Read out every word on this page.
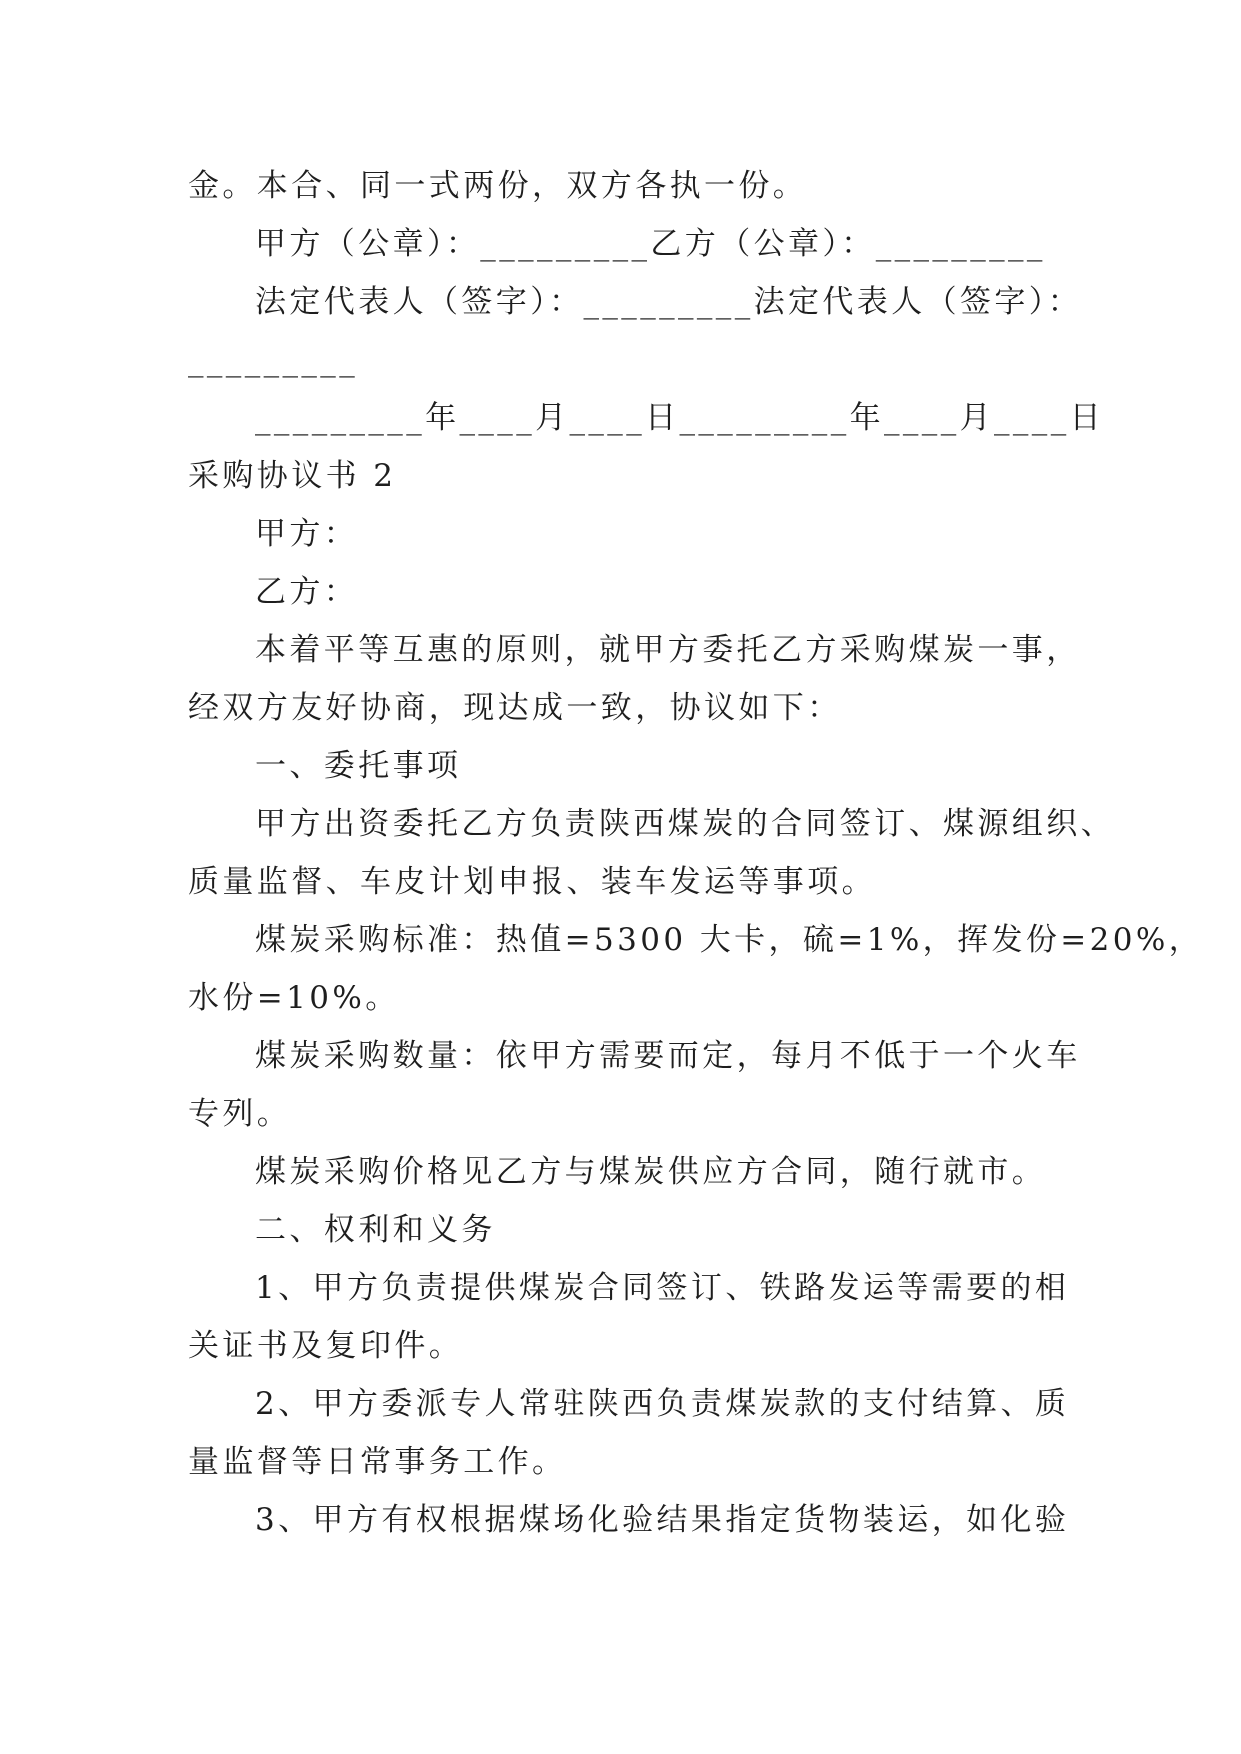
金。本合、同一式两份，双方各执一份。
甲方（公章）：_________乙方（公章）：_________
法定代表人（签字）：_________法定代表人（签字）：
_________
_________年____月____日_________年____月____日
采购协议书 2
甲方：
乙方：
本着平等互惠的原则，就甲方委托乙方采购煤炭一事，
经双方友好协商，现达成一致，协议如下：
一、委托事项
甲方出资委托乙方负责陕西煤炭的合同签订、煤源组织、
质量监督、车皮计划申报、装车发运等事项。
煤炭采购标准：热值=5300 大卡，硫=1%，挥发份=20%，
水份=10%。
煤炭采购数量：依甲方需要而定，每月不低于一个火车
专列。
煤炭采购价格见乙方与煤炭供应方合同，随行就市。
二、权利和义务
1、甲方负责提供煤炭合同签订、铁路发运等需要的相
关证书及复印件。
2、甲方委派专人常驻陕西负责煤炭款的支付结算、质
量监督等日常事务工作。
3、甲方有权根据煤场化验结果指定货物装运，如化验
